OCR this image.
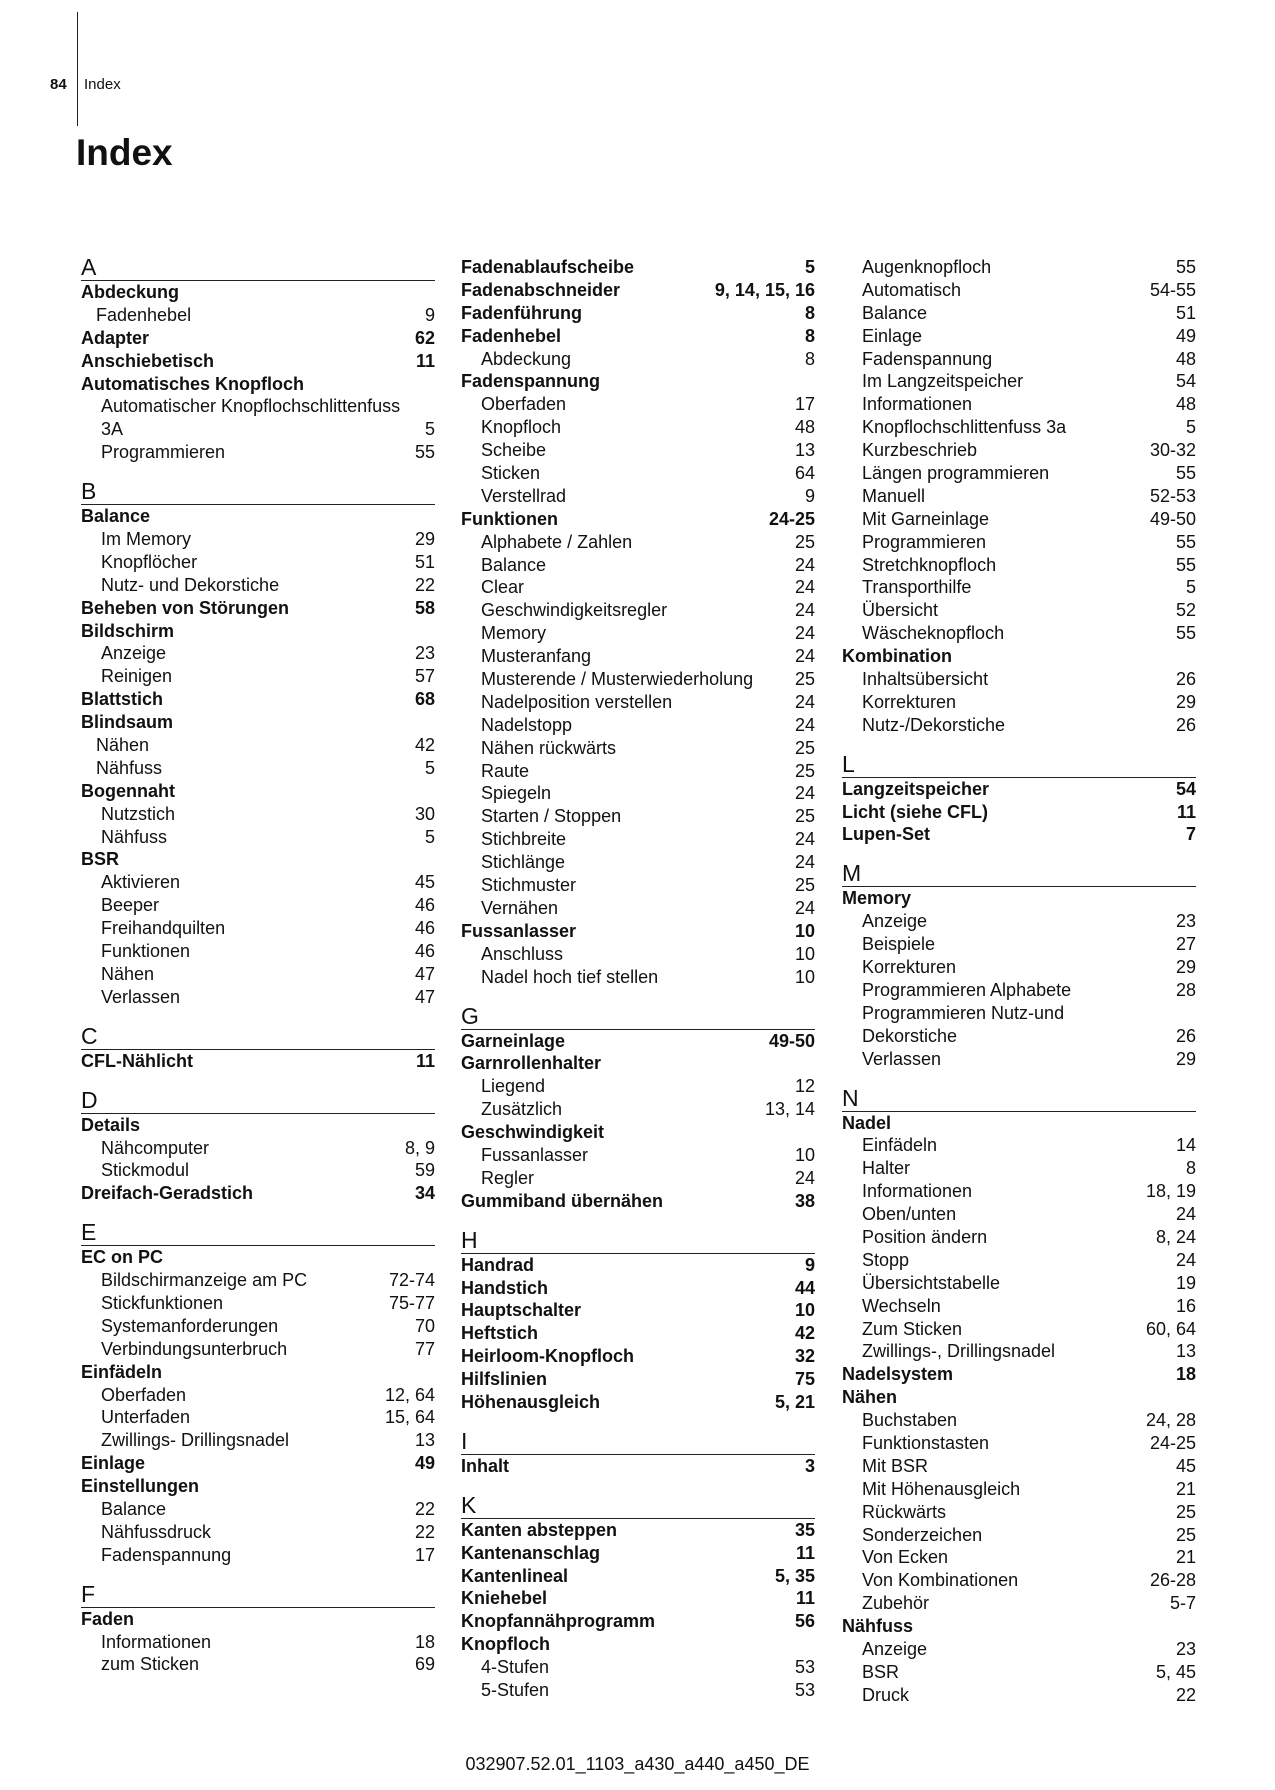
84 Index
Index
A
Abdeckung
Fadenhebel	9
Adapter	62
Anschiebetisch	11
Automatisches Knopfloch
Automatischer Knopflochschlittenfuss
3A	5
Programmieren	55
B
Balance
Im Memory	29
Knopflöcher	51
Nutz- und Dekorstiche	22
Beheben von Störungen	58
Bildschirm
Anzeige	23
Reinigen	57
Blattstich	68
Blindsaum
Nähen	42
Nähfuss	5
Bogennaht
Nutzstich	30
Nähfuss	5
BSR
Aktivieren	45
Beeper	46
Freihandquilten	46
Funktionen	46
Nähen	47
Verlassen	47
C
CFL-Nählicht	11
D
Details
Nähcomputer	8, 9
Stickmodul	59
Dreifach-Geradstich	34
E
EC on PC
Bildschirmanzeige am PC	72-74
Stickfunktionen	75-77
Systemanforderungen	70
Verbindungsunterbruch	77
Einfädeln
Oberfaden	12, 64
Unterfaden	15, 64
Zwillings- Drillingsnadel	13
Einlage	49
Einstellungen
Balance	22
Nähfussdruck	22
Fadenspannung	17
F
Faden
Informationen	18
zum Sticken	69
Fadenablaufscheibe	5
Fadenabschneider	9, 14, 15, 16
Fadenführung	8
Fadenhebel	8
Abdeckung	8
Fadenspannung
Oberfaden	17
Knopfloch	48
Scheibe	13
Sticken	64
Verstellrad	9
Funktionen	24-25
Alphabete / Zahlen	25
Balance	24
Clear	24
Geschwindigkeitsregler	24
Memory	24
Musteranfang	24
Musterende / Musterwiederholung 25
Nadelposition verstellen	24
Nadelstopp	24
Nähen rückwärts	25
Raute	25
Spiegeln	24
Starten / Stoppen	25
Stichbreite	24
Stichlänge	24
Stichmuster	25
Vernähen	24
Fussanlasser	10
Anschluss	10
Nadel hoch tief stellen	10
G
Garneinlage	49-50
Garnrollenhalter
Liegend	12
Zusätzlich	13, 14
Geschwindigkeit
Fussanlasser	10
Regler	24
Gummiband übernähen	38
H
Handrad	9
Handstich	44
Hauptschalter	10
Heftstich	42
Heirloom-Knopfloch	32
Hilfslinien	75
Höhenausgleich	5, 21
I
Inhalt	3
K
Kanten absteppen	35
Kantenanschlag	11
Kantenlineal	5, 35
Kniehebel	11
Knopfannähprogramm	56
Knopfloch
4-Stufen	53
5-Stufen	53
Augenknopfloch	55
Automatisch	54-55
Balance	51
Einlage	49
Fadenspannung	48
Im Langzeitspeicher	54
Informationen	48
Knopflochschlittenfuss 3a	5
Kurzbeschrieb	30-32
Längen programmieren	55
Manuell	52-53
Mit Garneinlage	49-50
Programmieren	55
Stretchknopfloch	55
Transporthilfe	5
Übersicht	52
Wäscheknopfloch	55
Kombination
Inhaltsübersicht	26
Korrekturen	29
Nutz-/Dekorstiche	26
L
Langzeitspeicher	54
Licht (siehe CFL)	11
Lupen-Set	7
M
Memory
Anzeige	23
Beispiele	27
Korrekturen	29
Programmieren Alphabete	28
Programmieren Nutz-und
Dekorstiche	26
Verlassen	29
N
Nadel
Einfädeln	14
Halter	8
Informationen	18, 19
Oben/unten	24
Position ändern	8, 24
Stopp	24
Übersichtstabelle	19
Wechseln	16
Zum Sticken	60, 64
Zwillings-, Drillingsnadel	13
Nadelsystem	18
Nähen
Buchstaben	24, 28
Funktionstasten	24-25
Mit BSR	45
Mit Höhenausgleich	21
Rückwärts	25
Sonderzeichen	25
Von Ecken	21
Von Kombinationen	26-28
Zubehör	5-7
Nähfuss
Anzeige	23
BSR	5, 45
Druck	22
032907.52.01_1103_a430_a440_a450_DE
